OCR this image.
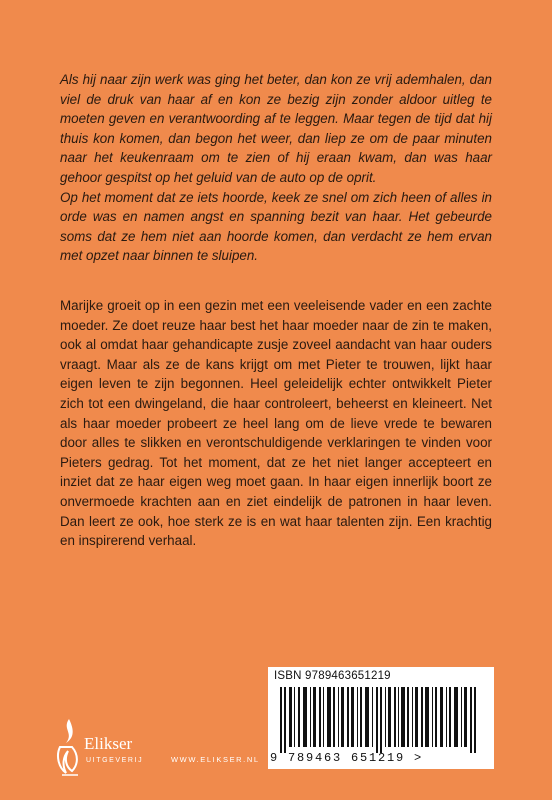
Als hij naar zijn werk was ging het beter, dan kon ze vrij ademhalen, dan viel de druk van haar af en kon ze bezig zijn zonder aldoor uitleg te moeten geven en verantwoording af te leggen. Maar tegen de tijd dat hij thuis kon komen, dan begon het weer, dan liep ze om de paar minuten naar het keukenraam om te zien of hij eraan kwam, dan was haar gehoor gespitst op het geluid van de auto op de oprit.

Op het moment dat ze iets hoorde, keek ze snel om zich heen of alles in orde was en namen angst en spanning bezit van haar. Het gebeurde soms dat ze hem niet aan hoorde komen, dan verdacht ze hem ervan met opzet naar binnen te sluipen.

Marijke groeit op in een gezin met een veeleisende vader en een zachte moeder. Ze doet reuze haar best het haar moeder naar de zin te maken, ook al omdat haar gehandicapte zusje zoveel aandacht van haar ouders vraagt. Maar als ze de kans krijgt om met Pieter te trouwen, lijkt haar eigen leven te zijn begonnen. Heel geleidelijk echter ontwikkelt Pieter zich tot een dwingeland, die haar controleert, beheerst en kleineert. Net als haar moeder probeert ze heel lang om de lieve vrede te bewaren door alles te slikken en verontschuldigende verklaringen te vinden voor Pieters gedrag. Tot het moment, dat ze het niet langer accepteert en inziet dat ze haar eigen weg moet gaan. In haar eigen innerlijk boort ze onvermoede krachten aan en ziet eindelijk de patronen in haar leven. Dan leert ze ook, hoe sterk ze is en wat haar talenten zijn. Een krachtig en inspirerend verhaal.

ISBN 9789463651219
9 789463 651219 >
Elikser
UITGEVERIJ	WWW.ELIKSER.NL
